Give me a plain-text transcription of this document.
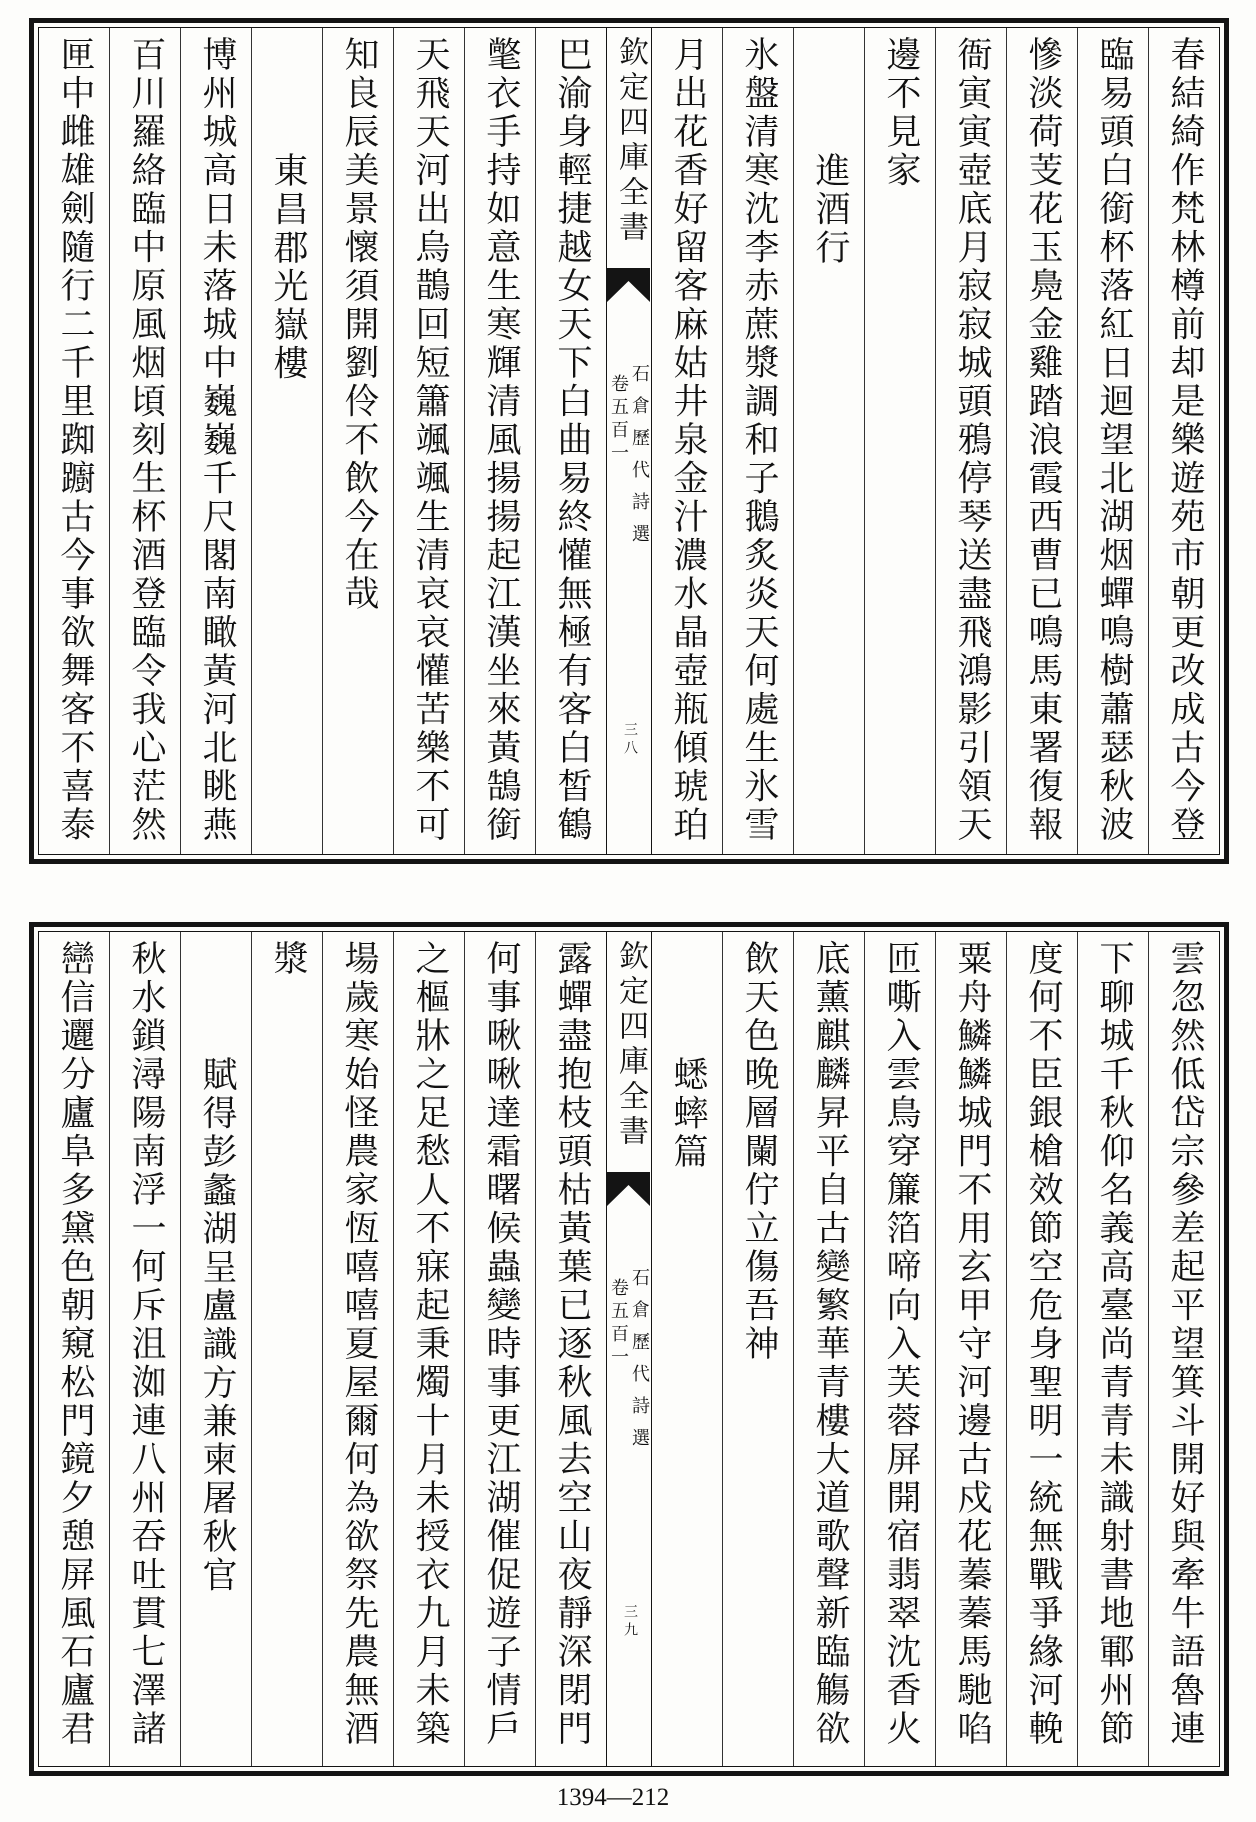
春結綺作梵林樽前却是樂遊苑市朝更改成古今登
臨易頭白銜杯落紅日迴望北湖烟蟬鳴樹蕭瑟秋波
慘淡荷芰花玉鳧金雞踏浪霞西曹已鳴馬東署復報
衙寅寅壺底月寂寂城頭鴉停琴送盡飛鴻影引領天
邊不見家
進酒行
氷盤清寒沈李赤蔗漿調和子鵝炙炎天何處生氷雪
月出花香好留客麻姑井泉金汁濃水晶壺瓶傾琥珀
欽定四庫全書
石倉歷代詩選
卷五百一
三八
巴渝身輕捷越女天下白曲易終懽無極有客白皙鶴
氅衣手持如意生寒輝清風揚揚起江漢坐來黃鵠銜
天飛天河出烏鵲回短簫颯颯生清哀哀懽苦樂不可
知良辰美景懷須開劉伶不飲今在哉
東昌郡光嶽樓
博州城高日未落城中巍巍千尺閣南瞰黃河北眺燕
百川羅絡臨中原風烟頃刻生杯酒登臨令我心茫然
匣中雌雄劍隨行二千里踟躕古今事欲舞客不喜泰
雲忽然低岱宗參差起平望箕斗開好與牽牛語魯連
下聊城千秋仰名義高臺尚青青未識射書地鄆州節
度何不臣銀槍效節空危身聖明一統無戰爭緣河輓
粟舟鱗鱗城門不用玄甲守河邊古戍花蓁蓁馬馳啗
匝嘶入雲鳥穿簾箔啼向入芙蓉屏開宿翡翠沈香火
底薰麒麟昇平自古變繁華青樓大道歌聲新臨觴欲
飲天色晚層闌佇立傷吾神
蟋蟀篇
欽定四庫全書
石倉歷代詩選
卷五百一
三九
露蟬盡抱枝頭枯黃葉已逐秋風去空山夜靜深閉門
何事啾啾達霜曙候蟲變時事更江湖催促遊子情戶
之樞牀之足愁人不寐起秉燭十月未授衣九月未築
場歲寒始怪農家恆嘻嘻夏屋爾何為欲祭先農無酒
漿
賦得彭蠡湖呈盧識方兼柬屠秋官
秋水鎖潯陽南浮一何斥沮洳連八州吞吐貫七澤諸
巒信邐分廬阜多黛色朝窺松門鏡夕憩屏風石廬君
1394—212
